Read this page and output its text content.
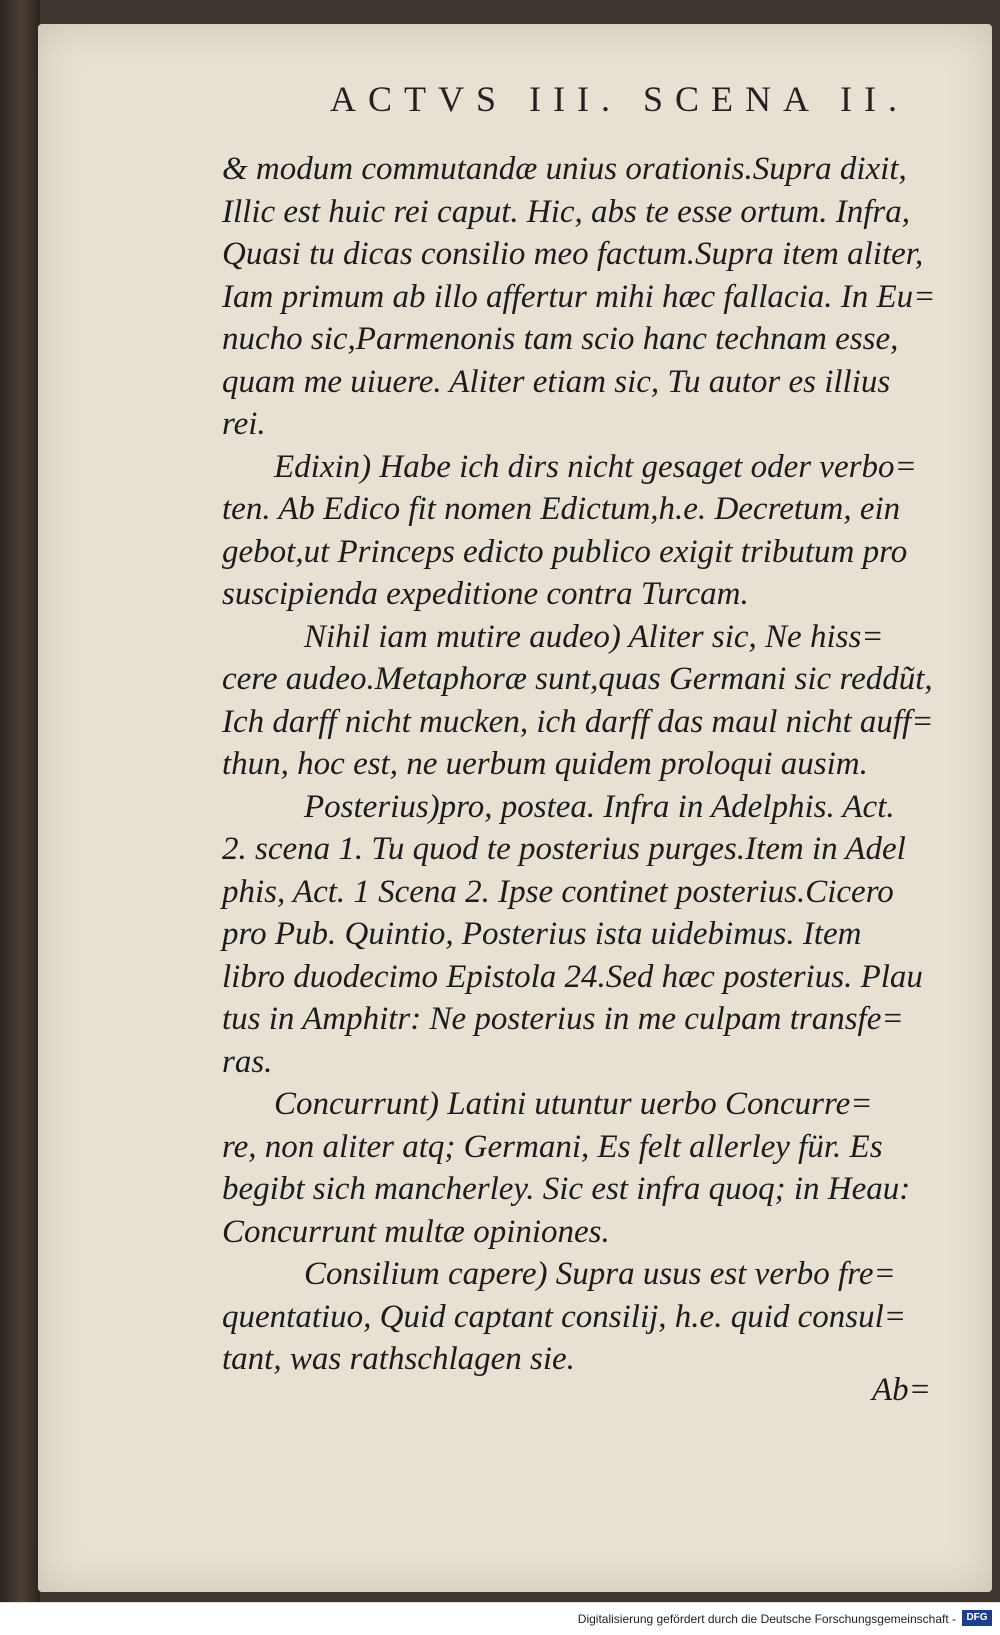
ACTVS III. SCENA II.
& modum commutandæ unius orationis.Supra dixit,
Illic est huic rei caput. Hic, abs te esse ortum. Infra,
Quasi tu dicas consilio meo factum.Supra item aliter,
Iam primum ab illo affertur mihi hæc fallacia. In Eu=
nucho sic,Parmenonis tam scio hanc technam esse,
quam me uiuere. Aliter etiam sic, Tu autor es illius
rei.
Edixin) Habe ich dirs nicht gesaget oder verbo=
ten. Ab Edico fit nomen Edictum,h.e. Decretum, ein
gebot,ut Princeps edicto publico exigit tributum pro
suscipienda expeditione contra Turcam.
Nihil iam mutire audeo) Aliter sic, Ne hiss=
cere audeo.Metaphoræ sunt,quas Germani sic reddũt,
Ich darff nicht mucken, ich darff das maul nicht auff=
thun, hoc est, ne uerbum quidem proloqui ausim.
Posterius)pro, postea. Infra in Adelphis. Act.
2. scena 1. Tu quod te posterius purges.Item in Adel
phis, Act. 1 Scena 2. Ipse continet posterius.Cicero
pro Pub. Quintio, Posterius ista uidebimus. Item
libro duodecimo Epistola 24.Sed hæc posterius. Plau
tus in Amphitr: Ne posterius in me culpam transfe=
ras.
Concurrunt) Latini utuntur uerbo Concurre=
re, non aliter atq; Germani, Es felt allerley für. Es
begibt sich mancherley. Sic est infra quoq; in Heau:
Concurrunt multæ opiniones.
Consilium capere) Supra usus est verbo fre=
quentatiuo, Quid captant consilij, h.e. quid consul=
tant, was rathschlagen sie.
Ab=
Digitalisierung gefördert durch die Deutsche Forschungsgemeinschaft -	DFG
